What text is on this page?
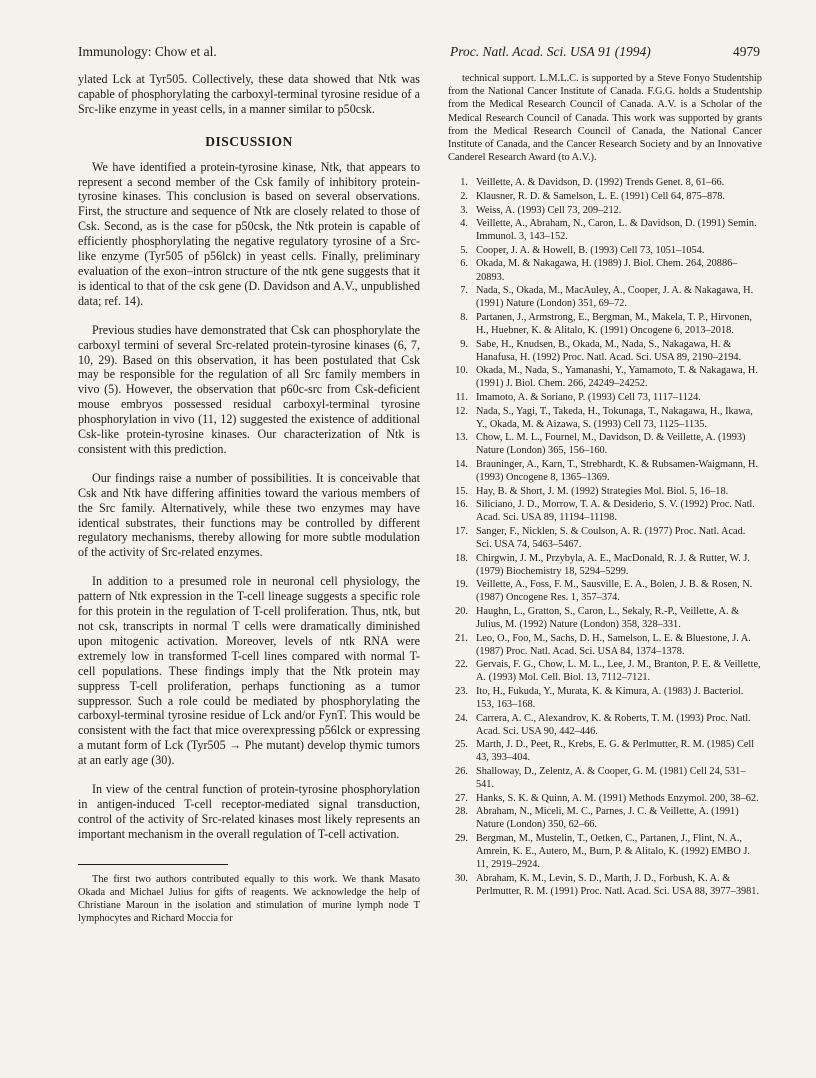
Immunology: Chow et al.	Proc. Natl. Acad. Sci. USA 91 (1994)	4979

ylated Lck at Tyr505. Collectively, these data showed that Ntk was capable of phosphorylating the carboxyl-terminal tyrosine residue of a Src-like enzyme in yeast cells, in a manner similar to p50csk.

DISCUSSION

We have identified a protein-tyrosine kinase, Ntk, that appears to represent a second member of the Csk family of inhibitory protein-tyrosine kinases. This conclusion is based on several observations. First, the structure and sequence of Ntk are closely related to those of Csk. Second, as is the case for p50csk, the Ntk protein is capable of efficiently phosphorylating the negative regulatory tyrosine of a Src-like enzyme (Tyr505 of p56lck) in yeast cells. Finally, preliminary evaluation of the exon–intron structure of the ntk gene suggests that it is identical to that of the csk gene (D. Davidson and A.V., unpublished data; ref. 14).

Previous studies have demonstrated that Csk can phosphorylate the carboxyl termini of several Src-related protein-tyrosine kinases (6, 7, 10, 29). Based on this observation, it has been postulated that Csk may be responsible for the regulation of all Src family members in vivo (5). However, the observation that p60c-src from Csk-deficient mouse embryos possessed residual carboxyl-terminal tyrosine phosphorylation in vivo (11, 12) suggested the existence of additional Csk-like protein-tyrosine kinases. Our characterization of Ntk is consistent with this prediction.

Our findings raise a number of possibilities. It is conceivable that Csk and Ntk have differing affinities toward the various members of the Src family. Alternatively, while these two enzymes may have identical substrates, their functions may be controlled by different regulatory mechanisms, thereby allowing for more subtle modulation of the activity of Src-related enzymes.

In addition to a presumed role in neuronal cell physiology, the pattern of Ntk expression in the T-cell lineage suggests a specific role for this protein in the regulation of T-cell proliferation. Thus, ntk, but not csk, transcripts in normal T cells were dramatically diminished upon mitogenic activation. Moreover, levels of ntk RNA were extremely low in transformed T-cell lines compared with normal T-cell populations. These findings imply that the Ntk protein may suppress T-cell proliferation, perhaps functioning as a tumor suppressor. Such a role could be mediated by phosphorylating the carboxyl-terminal tyrosine residue of Lck and/or FynT. This would be consistent with the fact that mice overexpressing p56lck or expressing a mutant form of Lck (Tyr505 → Phe mutant) develop thymic tumors at an early age (30).

In view of the central function of protein-tyrosine phosphorylation in antigen-induced T-cell receptor-mediated signal transduction, control of the activity of Src-related kinases most likely represents an important mechanism in the overall regulation of T-cell activation.

The first two authors contributed equally to this work. We thank Masato Okada and Michael Julius for gifts of reagents. We acknowledge the help of Christiane Maroun in the isolation and stimulation of murine lymph node T lymphocytes and Richard Moccia for

technical support. L.M.L.C. is supported by a Steve Fonyo Studentship from the National Cancer Institute of Canada. F.G.G. holds a Studentship from the Medical Research Council of Canada. A.V. is a Scholar of the Medical Research Council of Canada. This work was supported by grants from the Medical Research Council of Canada, the National Cancer Institute of Canada, and the Cancer Research Society and by an Innovative Canderel Research Award (to A.V.).

1. Veillette, A. & Davidson, D. (1992) Trends Genet. 8, 61–66.
2. Klausner, R. D. & Samelson, L. E. (1991) Cell 64, 875–878.
3. Weiss, A. (1993) Cell 73, 209–212.
4. Veillette, A., Abraham, N., Caron, L. & Davidson, D. (1991) Semin. Immunol. 3, 143–152.
5. Cooper, J. A. & Howell, B. (1993) Cell 73, 1051–1054.
6. Okada, M. & Nakagawa, H. (1989) J. Biol. Chem. 264, 20886–20893.
7. Nada, S., Okada, M., MacAuley, A., Cooper, J. A. & Nakagawa, H. (1991) Nature (London) 351, 69–72.
8. Partanen, J., Armstrong, E., Bergman, M., Makela, T. P., Hirvonen, H., Huebner, K. & Alitalo, K. (1991) Oncogene 6, 2013–2018.
9. Sabe, H., Knudsen, B., Okada, M., Nada, S., Nakagawa, H. & Hanafusa, H. (1992) Proc. Natl. Acad. Sci. USA 89, 2190–2194.
10. Okada, M., Nada, S., Yamanashi, Y., Yamamoto, T. & Nakagawa, H. (1991) J. Biol. Chem. 266, 24249–24252.
11. Imamoto, A. & Soriano, P. (1993) Cell 73, 1117–1124.
12. Nada, S., Yagi, T., Takeda, H., Tokunaga, T., Nakagawa, H., Ikawa, Y., Okada, M. & Aizawa, S. (1993) Cell 73, 1125–1135.
13. Chow, L. M. L., Fournel, M., Davidson, D. & Veillette, A. (1993) Nature (London) 365, 156–160.
14. Brauninger, A., Karn, T., Strebhardt, K. & Rubsamen-Waigmann, H. (1993) Oncogene 8, 1365–1369.
15. Hay, B. & Short, J. M. (1992) Strategies Mol. Biol. 5, 16–18.
16. Siliciano, J. D., Morrow, T. A. & Desiderio, S. V. (1992) Proc. Natl. Acad. Sci. USA 89, 11194–11198.
17. Sanger, F., Nicklen, S. & Coulson, A. R. (1977) Proc. Natl. Acad. Sci. USA 74, 5463–5467.
18. Chirgwin, J. M., Przybyla, A. E., MacDonald, R. J. & Rutter, W. J. (1979) Biochemistry 18, 5294–5299.
19. Veillette, A., Foss, F. M., Sausville, E. A., Bolen, J. B. & Rosen, N. (1987) Oncogene Res. 1, 357–374.
20. Haughn, L., Gratton, S., Caron, L., Sekaly, R.-P., Veillette, A. & Julius, M. (1992) Nature (London) 358, 328–331.
21. Leo, O., Foo, M., Sachs, D. H., Samelson, L. E. & Bluestone, J. A. (1987) Proc. Natl. Acad. Sci. USA 84, 1374–1378.
22. Gervais, F. G., Chow, L. M. L., Lee, J. M., Branton, P. E. & Veillette, A. (1993) Mol. Cell. Biol. 13, 7112–7121.
23. Ito, H., Fukuda, Y., Murata, K. & Kimura, A. (1983) J. Bacteriol. 153, 163–168.
24. Carrera, A. C., Alexandrov, K. & Roberts, T. M. (1993) Proc. Natl. Acad. Sci. USA 90, 442–446.
25. Marth, J. D., Peet, R., Krebs, E. G. & Perlmutter, R. M. (1985) Cell 43, 393–404.
26. Shalloway, D., Zelentz, A. & Cooper, G. M. (1981) Cell 24, 531–541.
27. Hanks, S. K. & Quinn, A. M. (1991) Methods Enzymol. 200, 38–62.
28. Abraham, N., Miceli, M. C., Parnes, J. C. & Veillette, A. (1991) Nature (London) 350, 62–66.
29. Bergman, M., Mustelin, T., Oetken, C., Partanen, J., Flint, N. A., Amrein, K. E., Autero, M., Burn, P. & Alitalo, K. (1992) EMBO J. 11, 2919–2924.
30. Abraham, K. M., Levin, S. D., Marth, J. D., Forbush, K. A. & Perlmutter, R. M. (1991) Proc. Natl. Acad. Sci. USA 88, 3977–3981.
